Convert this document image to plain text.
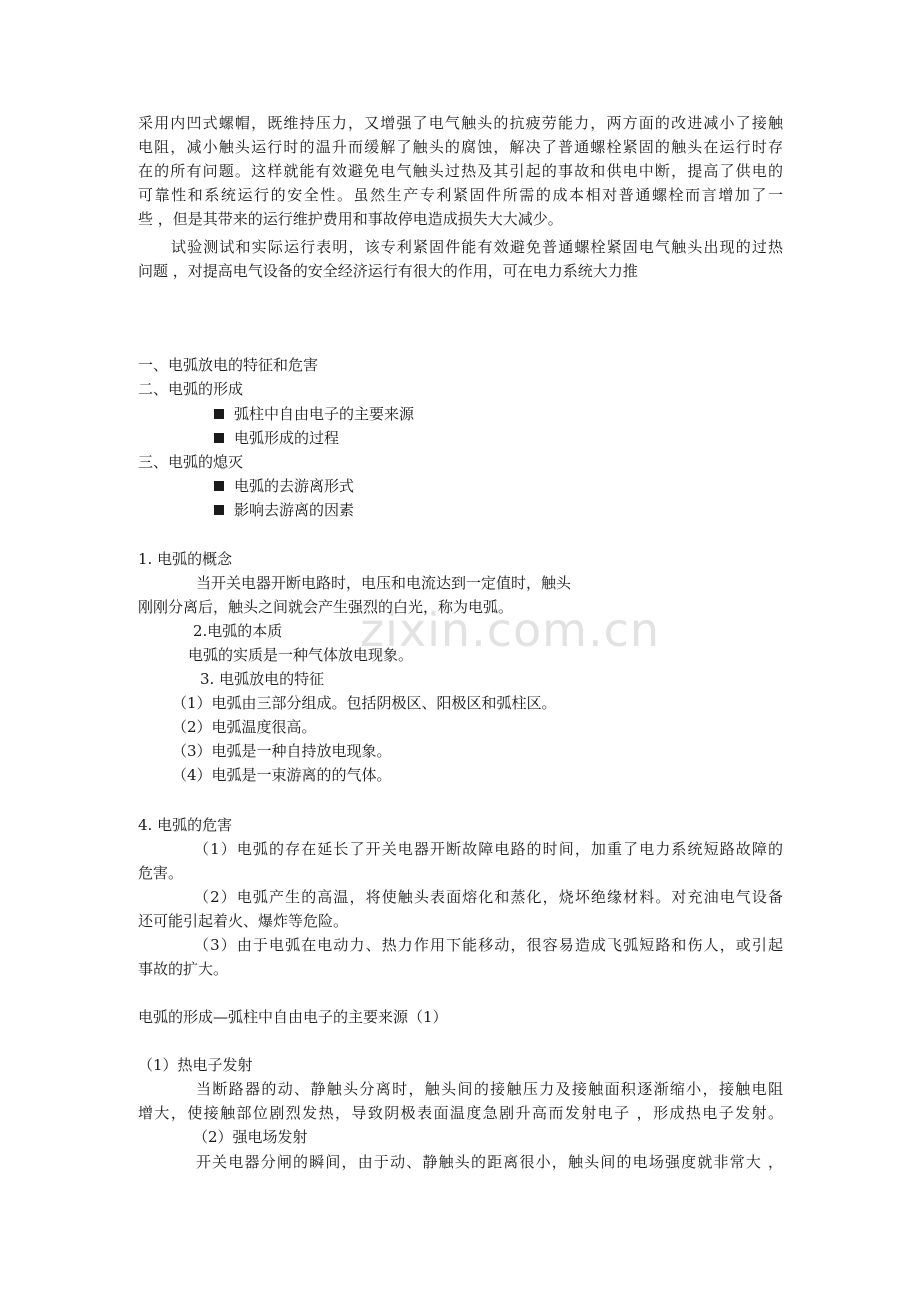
zixin.com.cn
采用内凹式螺帽，既维持压力，又增强了电气触头的抗疲劳能力，两方面的改进减小了接触
电阻，减小触头运行时的温升而缓解了触头的腐蚀，解决了普通螺栓紧固的触头在运行时存
在的所有问题。这样就能有效避免电气触头过热及其引起的事故和供电中断，提高了供电的
可靠性和系统运行的安全性。虽然生产专利紧固件所需的成本相对普通螺栓而言增加了一
些 ，但是其带来的运行维护费用和事故停电造成损失大大减少。
试验测试和实际运行表明，该专利紧固件能有效避免普通螺栓紧固电气触头出现的过热
问题 ，对提高电气设备的安全经济运行有很大的作用，可在电力系统大力推
一、电弧放电的特征和危害
二、电弧的形成
弧柱中自由电子的主要来源
电弧形成的过程
三、电弧的熄灭
电弧的去游离形式
影响去游离的因素
1. 电弧的概念
当开关电器开断电路时，电压和电流达到一定值时，触头
刚刚分离后，触头之间就会产生强烈的白光，称为电弧。
2.电弧的本质
电弧的实质是一种气体放电现象。
3. 电弧放电的特征
（1）电弧由三部分组成。包括阴极区、阳极区和弧柱区。
（2）电弧温度很高。
（3）电弧是一种自持放电现象。
（4）电弧是一束游离的的气体。
4. 电弧的危害
（1）电弧的存在延长了开关电器开断故障电路的时间，加重了电力系统短路故障的
危害。
（2）电弧产生的高温，将使触头表面熔化和蒸化，烧坏绝缘材料。对充油电气设备
还可能引起着火、爆炸等危险。
（3）由于电弧在电动力、热力作用下能移动，很容易造成飞弧短路和伤人，或引起
事故的扩大。
电弧的形成—弧柱中自由电子的主要来源（1）
（1）热电子发射
当断路器的动、静触头分离时，触头间的接触压力及接触面积逐渐缩小，接触电阻
增大，使接触部位剧烈发热，导致阴极表面温度急剧升高而发射电子 ，形成热电子发射。
（2）强电场发射
开关电器分闸的瞬间，由于动、静触头的距离很小，触头间的电场强度就非常大 ，
